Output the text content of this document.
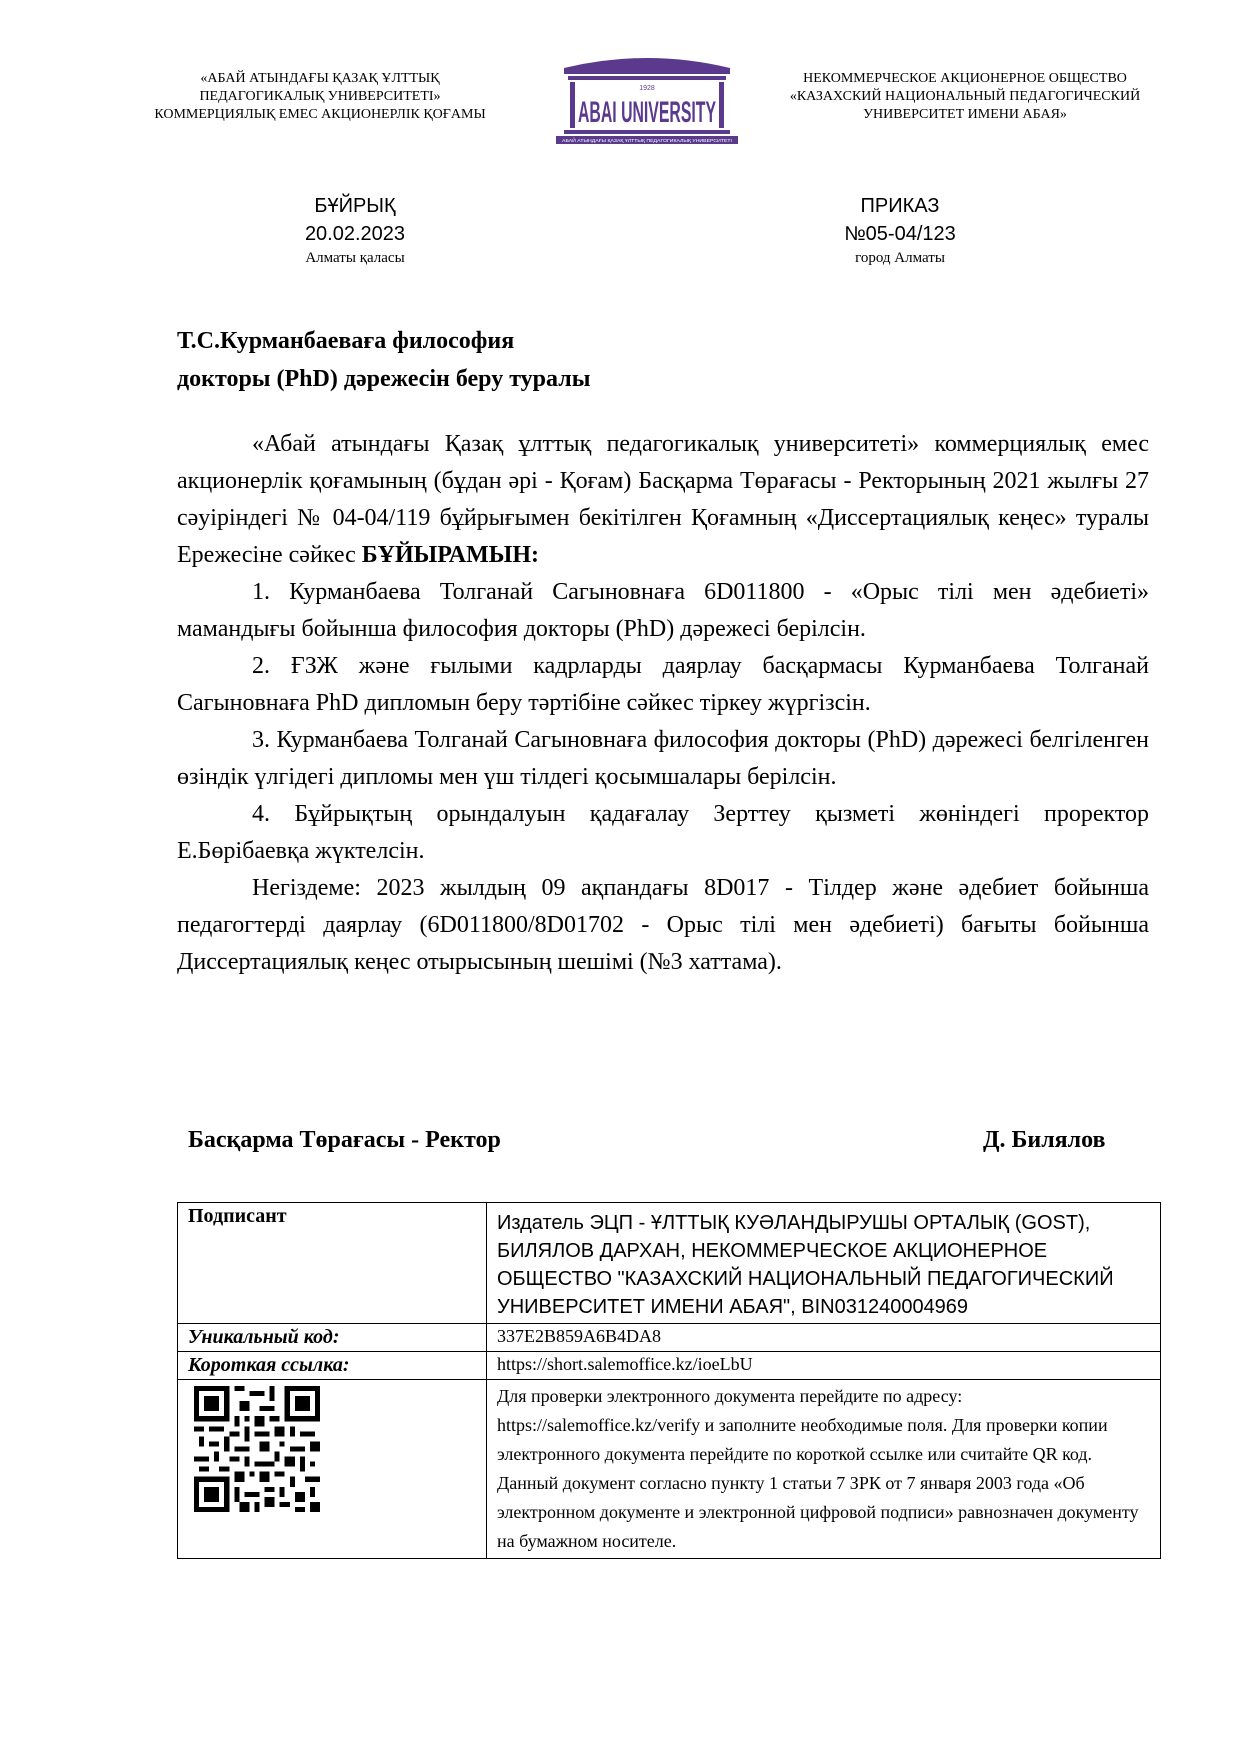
«АБАЙ АТЫНДАҒЫ ҚАЗАҚ ҰЛТТЫҚ
ПЕДАГОГИКАЛЫҚ УНИВЕРСИТЕТІ»
КОММЕРЦИЯЛЫҚ ЕМЕС АКЦИОНЕРЛІК ҚОҒАМЫ	ABAI UNIVERSITY
1928
АБАЙ АТЫНДАҒЫ ҚАЗАҚ ҰЛТТЫҚ ПЕДАГОГИКАЛЫҚ УНИВЕРСИТЕТІ
НЕКОММЕРЧЕСКОЕ АКЦИОНЕРНОЕ ОБЩЕСТВО
«КАЗАХСКИЙ НАЦИОНАЛЬНЫЙ ПЕДАГОГИЧЕСКИЙ
УНИВЕРСИТЕТ ИМЕНИ АБАЯ»
БҰЙРЫҚ
20.02.2023
Алматы қаласы
ПРИКАЗ
№05-04/123
город Алматы
Т.С.Курманбаеваға философия
докторы (PhD) дәрежесін беру туралы

«Абай атындағы Қазақ ұлттық педагогикалық университеті» коммерциялық емес акционерлік қоғамының (бұдан әрі - Қоғам) Басқарма Төрағасы - Ректорының 2021 жылғы 27 сәуіріндегі № 04-04/119 бұйрығымен бекітілген Қоғамның «Диссертациялық кеңес» туралы Ережесіне сәйкес БҰЙЫРАМЫН:

1. Курманбаева Толганай Сагыновнаға 6D011800 - «Орыс тілі мен әдебиеті» мамандығы бойынша философия докторы (PhD) дәрежесі берілсін.

2. ҒЗЖ және ғылыми кадрларды даярлау басқармасы Курманбаева Толганай Сагыновнаға PhD дипломын беру тәртібіне сәйкес тіркеу жүргізсін.

3. Курманбаева Толганай Сагыновнаға философия докторы (PhD) дәрежесі белгіленген өзіндік үлгідегі дипломы мен үш тілдегі қосымшалары берілсін.

4. Бұйрықтың орындалуын қадағалау Зерттеу қызметі жөніндегі проректор Е.Бөрібаевқа жүктелсін.

Негіздеме: 2023 жылдың 09 ақпандағы 8D017 - Тілдер және әдебиет бойынша педагогтерді даярлау (6D011800/8D01702 - Орыс тілі мен әдебиеті) бағыты бойынша Диссертациялық кеңес отырысының шешімі (№3 хаттама).

Басқарма Төрағасы - Ректор	Д. Билялов
Подписант	Издатель ЭЦП - ҰЛТТЫҚ КУӘЛАНДЫРУШЫ ОРТАЛЫҚ (GOST), БИЛЯЛОВ ДАРХАН, НЕКОММЕРЧЕСКОЕ АКЦИОНЕРНОЕ ОБЩЕСТВО "КАЗАХСКИЙ НАЦИОНАЛЬНЫЙ ПЕДАГОГИЧЕСКИЙ УНИВЕРСИТЕТ ИМЕНИ АБАЯ", BIN031240004969
Уникальный код:	337E2B859A6B4DA8
Короткая ссылка:	https://short.salemoffice.kz/ioeLbU

	Для проверки электронного документа перейдите по адресу: https://salemoffice.kz/verify и заполните необходимые поля. Для проверки копии электронного документа перейдите по короткой ссылке или считайте QR код. Данный документ согласно пункту 1 статьи 7 ЗРК от 7 января 2003 года «Об электронном документе и электронной цифровой подписи» равнозначен документу на бумажном носителе.
